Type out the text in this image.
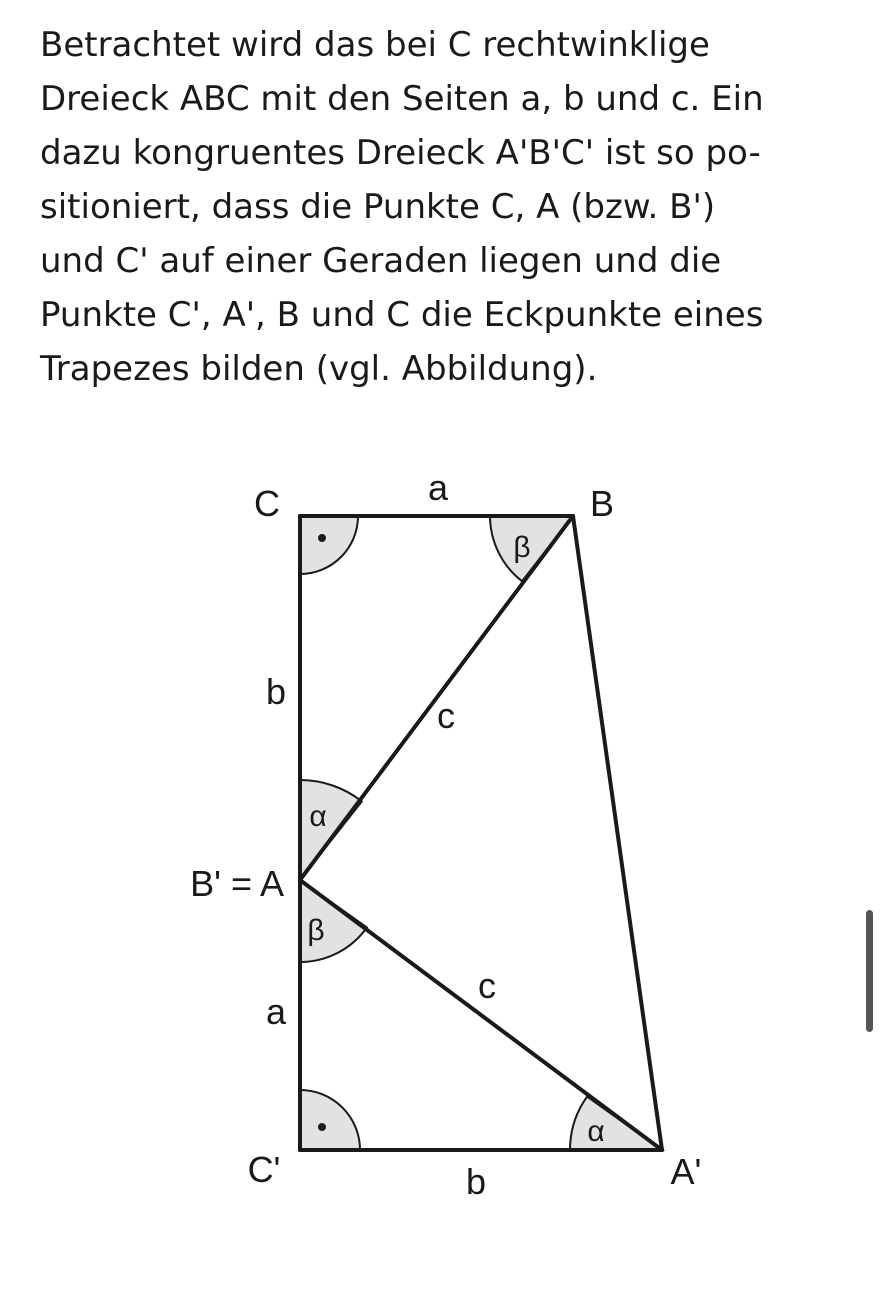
Betrachtet wird das bei C rechtwinklige
Dreieck ABC mit den Seiten a, b und c. Ein
dazu kongruentes Dreieck A'B'C' ist so po-
sitioniert, dass die Punkte C, A (bzw. B')
und C' auf einer Geraden liegen und die
Punkte C', A', B und C die Eckpunkte eines
Trapezes bilden (vgl. Abbildung).
C	B
B' = A
C'	A'
a
b
c
a
c
b
β
α
β
α
